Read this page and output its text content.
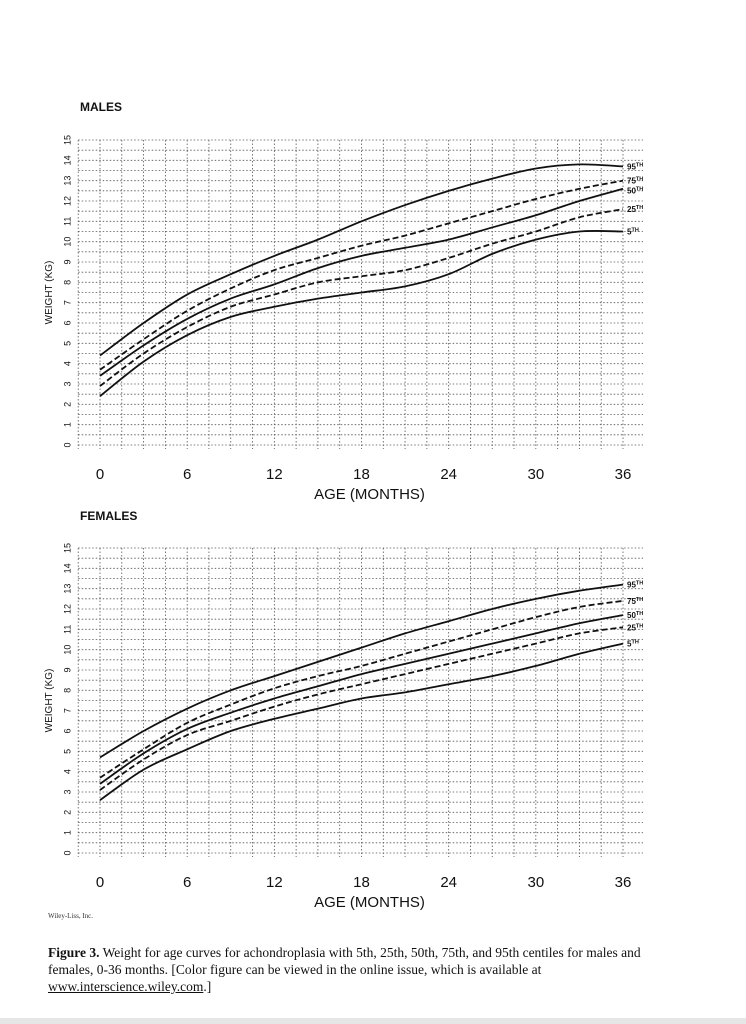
MALES
0
1
2
3
4
5
6
7
8
9
10
11
12
13
14
15
WEIGHT (KG)
0	6	12	18	24	30	36
AGE (MONTHS)
95TH
75TH
50TH
25TH
5TH
FEMALES
0
1
2
3
4
5
6
7
8
9
10
11
12
13
14
15
WEIGHT (KG)
0	6	12	18	24	30	36
AGE (MONTHS)
95TH
75TH
50TH
25TH
5TH
Wiley-Liss, Inc.
Figure 3. Weight for age curves for achondroplasia with 5th, 25th, 50th, 75th, and 95th centiles for males and females, 0-36 months. [Color figure can be viewed in the online issue, which is available at www.interscience.wiley.com.]
